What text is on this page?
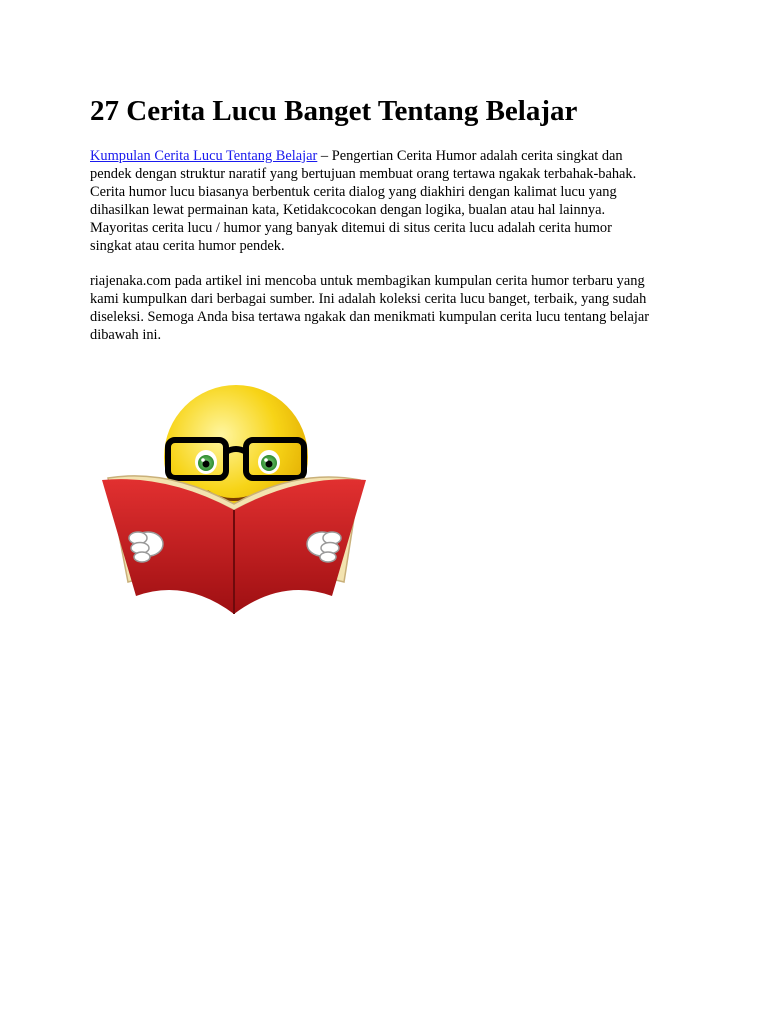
27 Cerita Lucu Banget Tentang Belajar

Kumpulan Cerita Lucu Tentang Belajar – Pengertian Cerita Humor adalah cerita singkat dan
pendek dengan struktur naratif yang bertujuan membuat orang tertawa ngakak terbahak-bahak.
Cerita humor lucu biasanya berbentuk cerita dialog yang diakhiri dengan kalimat lucu yang
dihasilkan lewat permainan kata, Ketidakcocokan dengan logika, bualan atau hal lainnya.
Mayoritas cerita lucu / humor yang banyak ditemui di situs cerita lucu adalah cerita humor
singkat atau cerita humor pendek.

riajenaka.com pada artikel ini mencoba untuk membagikan kumpulan cerita humor terbaru yang
kami kumpulkan dari berbagai sumber. Ini adalah koleksi cerita lucu banget, terbaik, yang sudah
diseleksi. Semoga Anda bisa tertawa ngakak dan menikmati kumpulan cerita lucu tentang belajar
dibawah ini.
